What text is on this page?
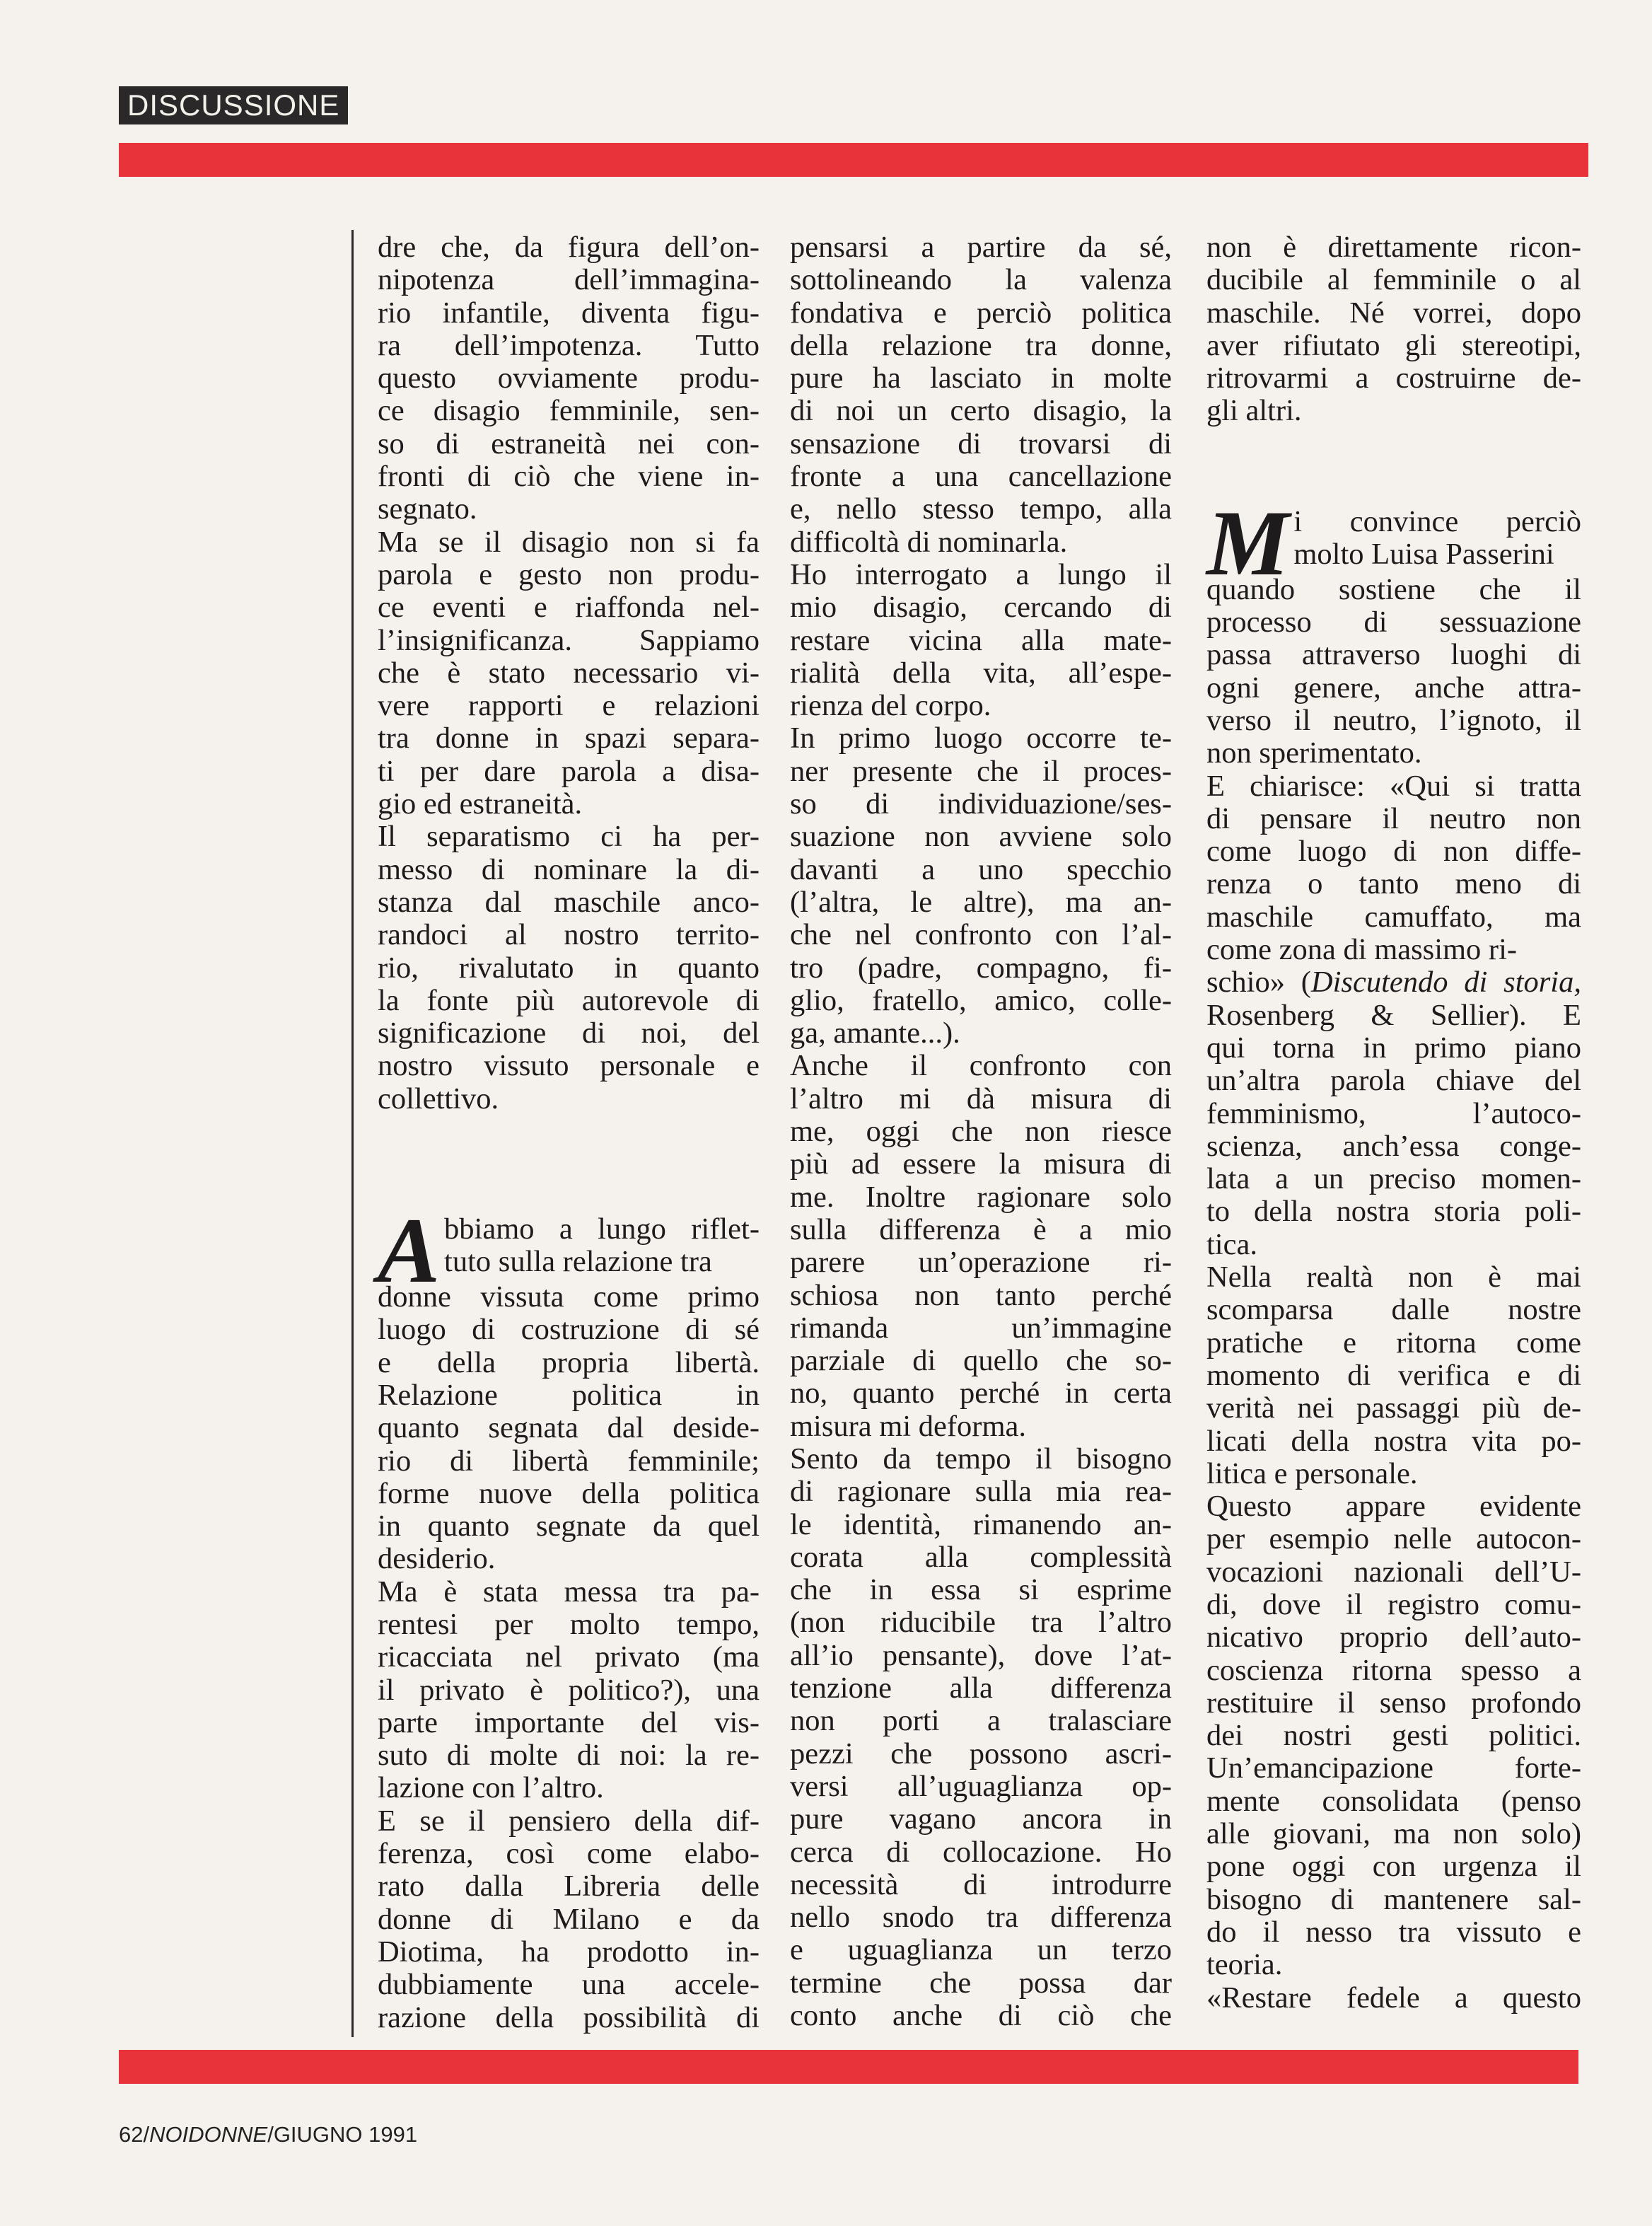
DISCUSSIONE

dre che, da figura dell’on-
nipotenza dell’immagina-
rio infantile, diventa figu-
ra dell’impotenza. Tutto
questo ovviamente produ-
ce disagio femminile, sen-
so di estraneità nei con-
fronti di ciò che viene in-
segnato.

Ma se il disagio non si fa
parola e gesto non produ-
ce eventi e riaffonda nel-
l’insignificanza. Sappiamo
che è stato necessario vi-
vere rapporti e relazioni
tra donne in spazi separa-
ti per dare parola a disa-
gio ed estraneità.

Il separatismo ci ha per-
messo di nominare la di-
stanza dal maschile anco-
randoci al nostro territo-
rio, rivalutato in quanto
la fonte più autorevole di
significazione di noi, del
nostro vissuto personale e
collettivo.

A bbiamo a lungo riflet-
tuto sulla relazione tra
donne vissuta come primo
luogo di costruzione di sé
e della propria libertà.
Relazione politica in
quanto segnata dal deside-
rio di libertà femminile;
forme nuove della politica
in quanto segnate da quel
desiderio.

Ma è stata messa tra pa-
rentesi per molto tempo,
ricacciata nel privato (ma
il privato è politico?), una
parte importante del vis-
suto di molte di noi: la re-
lazione con l’altro.

E se il pensiero della dif-
ferenza, così come elabo-
rato dalla Libreria delle
donne di Milano e da
Diotima, ha prodotto in-
dubbiamente una accele-
razione della possibilità di

pensarsi a partire da sé,
sottolineando la valenza
fondativa e perciò politica
della relazione tra donne,
pure ha lasciato in molte
di noi un certo disagio, la
sensazione di trovarsi di
fronte a una cancellazione
e, nello stesso tempo, alla
difficoltà di nominarla.

Ho interrogato a lungo il
mio disagio, cercando di
restare vicina alla mate-
rialità della vita, all’espe-
rienza del corpo.

In primo luogo occorre te-
ner presente che il proces-
so di individuazione/ses-
suazione non avviene solo
davanti a uno specchio
(l’altra, le altre), ma an-
che nel confronto con l’al-
tro (padre, compagno, fi-
glio, fratello, amico, colle-
ga, amante...).

Anche il confronto con
l’altro mi dà misura di
me, oggi che non riesce
più ad essere la misura di
me. Inoltre ragionare solo
sulla differenza è a mio
parere un’operazione ri-
schiosa non tanto perché
rimanda un’immagine
parziale di quello che so-
no, quanto perché in certa
misura mi deforma.

Sento da tempo il bisogno
di ragionare sulla mia rea-
le identità, rimanendo an-
corata alla complessità
che in essa si esprime
(non riducibile tra l’altro
all’io pensante), dove l’at-
tenzione alla differenza
non porti a tralasciare
pezzi che possono ascri-
versi all’uguaglianza op-
pure vagano ancora in
cerca di collocazione. Ho
necessità di introdurre
nello snodo tra differenza
e uguaglianza un terzo
termine che possa dar
conto anche di ciò che

non è direttamente ricon-
ducibile al femminile o al
maschile. Né vorrei, dopo
aver rifiutato gli stereotipi,
ritrovarmi a costruirne de-
gli altri.

M i convince perciò
molto Luisa Passerini
quando sostiene che il
processo di sessuazione
passa attraverso luoghi di
ogni genere, anche attra-
verso il neutro, l’ignoto, il
non sperimentato.

E chiarisce: «Qui si tratta
di pensare il neutro non
come luogo di non diffe-
renza o tanto meno di
maschile camuffato, ma
come zona di massimo ri-
schio» (Discutendo di storia,
Rosenberg & Sellier). E
qui torna in primo piano
un’altra parola chiave del
femminismo, l’autoco-
scienza, anch’essa conge-
lata a un preciso momen-
to della nostra storia poli-
tica.

Nella realtà non è mai
scomparsa dalle nostre
pratiche e ritorna come
momento di verifica e di
verità nei passaggi più de-
licati della nostra vita po-
litica e personale.

Questo appare evidente
per esempio nelle autocon-
vocazioni nazionali dell’U-
di, dove il registro comu-
nicativo proprio dell’auto-
coscienza ritorna spesso a
restituire il senso profondo
dei nostri gesti politici.
Un’emancipazione forte-
mente consolidata (penso
alle giovani, ma non solo)
pone oggi con urgenza il
bisogno di mantenere sal-
do il nesso tra vissuto e
teoria.

«Restare fedele a questo

62/NOIDONNE/GIUGNO 1991
